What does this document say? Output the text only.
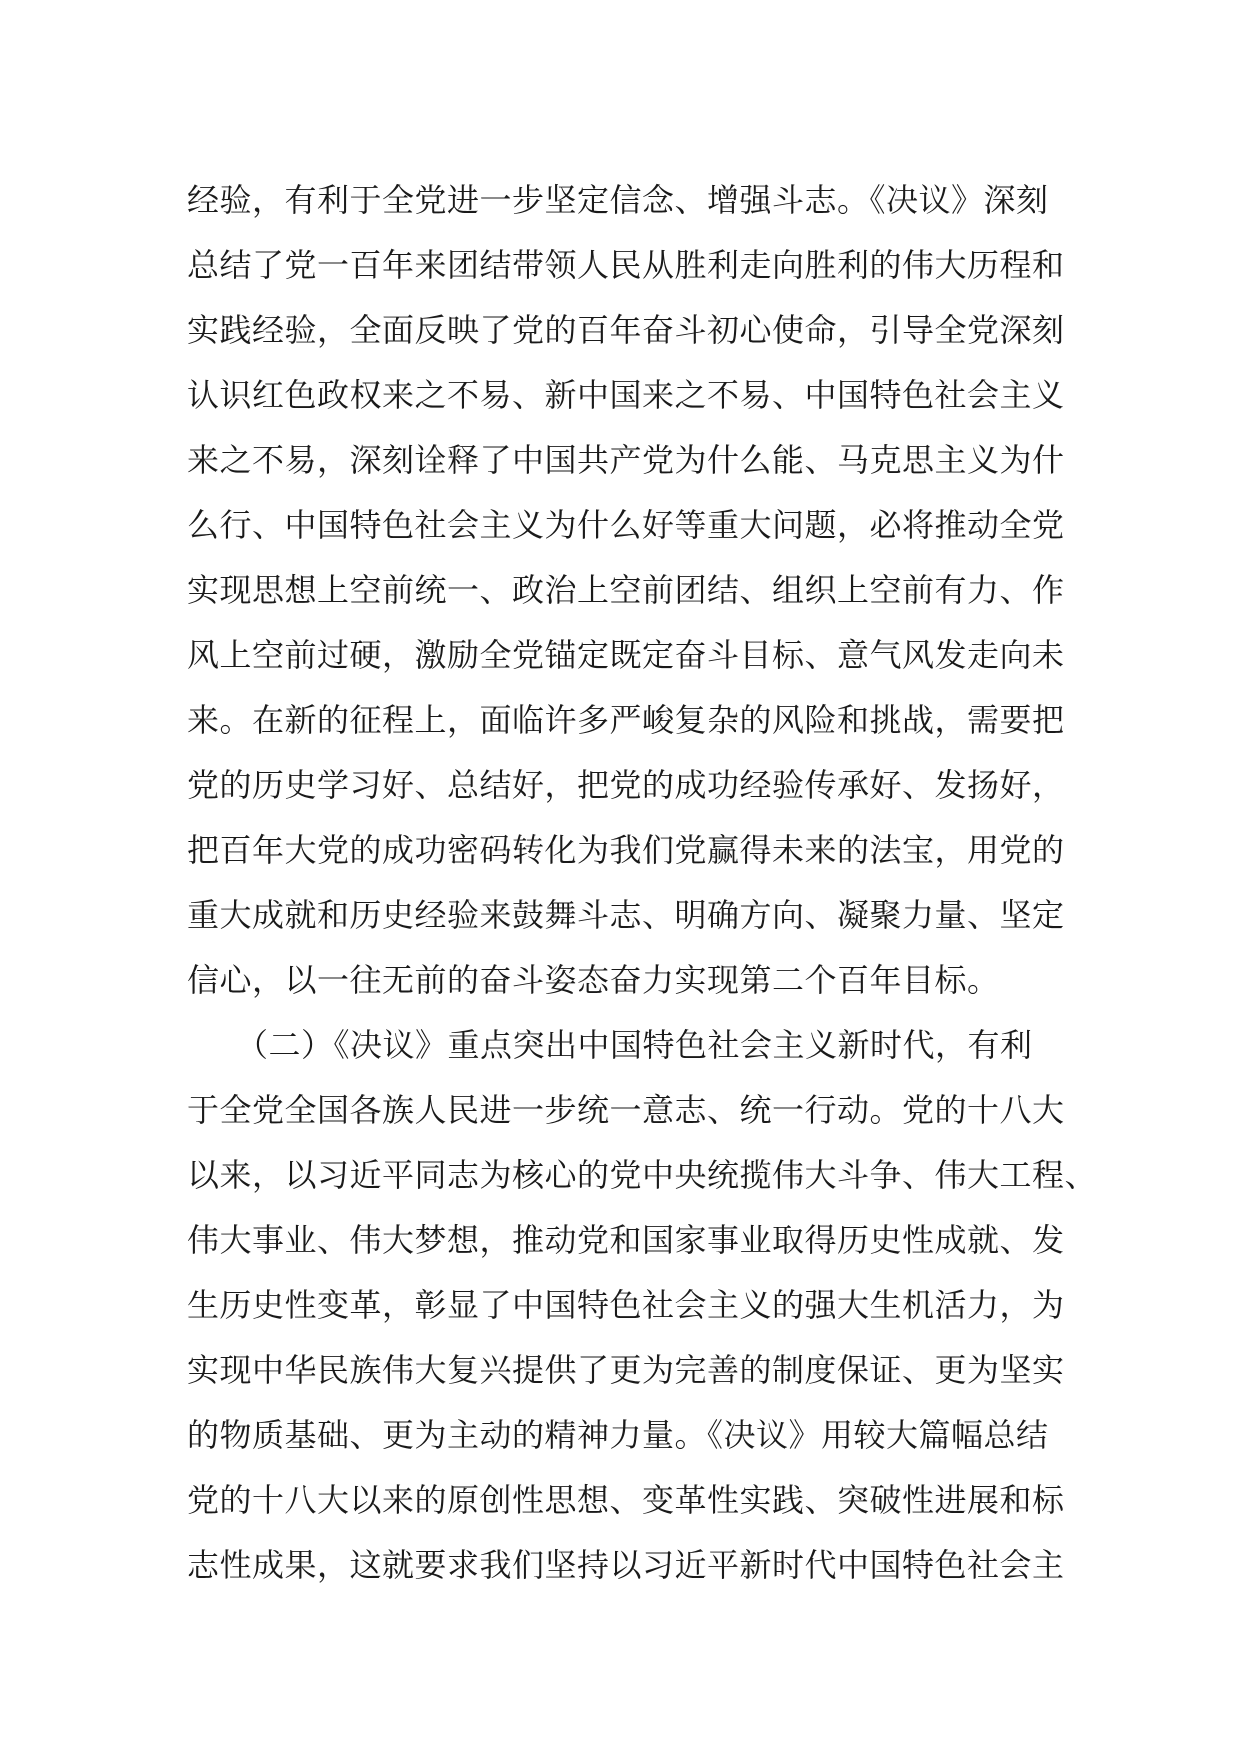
经验，有利于全党进一步坚定信念、增强斗志。《决议》深刻
总结了党一百年来团结带领人民从胜利走向胜利的伟大历程和
实践经验，全面反映了党的百年奋斗初心使命，引导全党深刻
认识红色政权来之不易、新中国来之不易、中国特色社会主义
来之不易，深刻诠释了中国共产党为什么能、马克思主义为什
么行、中国特色社会主义为什么好等重大问题，必将推动全党
实现思想上空前统一、政治上空前团结、组织上空前有力、作
风上空前过硬，激励全党锚定既定奋斗目标、意气风发走向未
来。在新的征程上，面临许多严峻复杂的风险和挑战，需要把
党的历史学习好、总结好，把党的成功经验传承好、发扬好，
把百年大党的成功密码转化为我们党赢得未来的法宝，用党的
重大成就和历史经验来鼓舞斗志、明确方向、凝聚力量、坚定
信心，以一往无前的奋斗姿态奋力实现第二个百年目标。
　　（二）《决议》重点突出中国特色社会主义新时代，有利
于全党全国各族人民进一步统一意志、统一行动。党的十八大
以来，以习近平同志为核心的党中央统揽伟大斗争、伟大工程、
伟大事业、伟大梦想，推动党和国家事业取得历史性成就、发
生历史性变革，彰显了中国特色社会主义的强大生机活力，为
实现中华民族伟大复兴提供了更为完善的制度保证、更为坚实
的物质基础、更为主动的精神力量。《决议》用较大篇幅总结
党的十八大以来的原创性思想、变革性实践、突破性进展和标
志性成果，这就要求我们坚持以习近平新时代中国特色社会主
